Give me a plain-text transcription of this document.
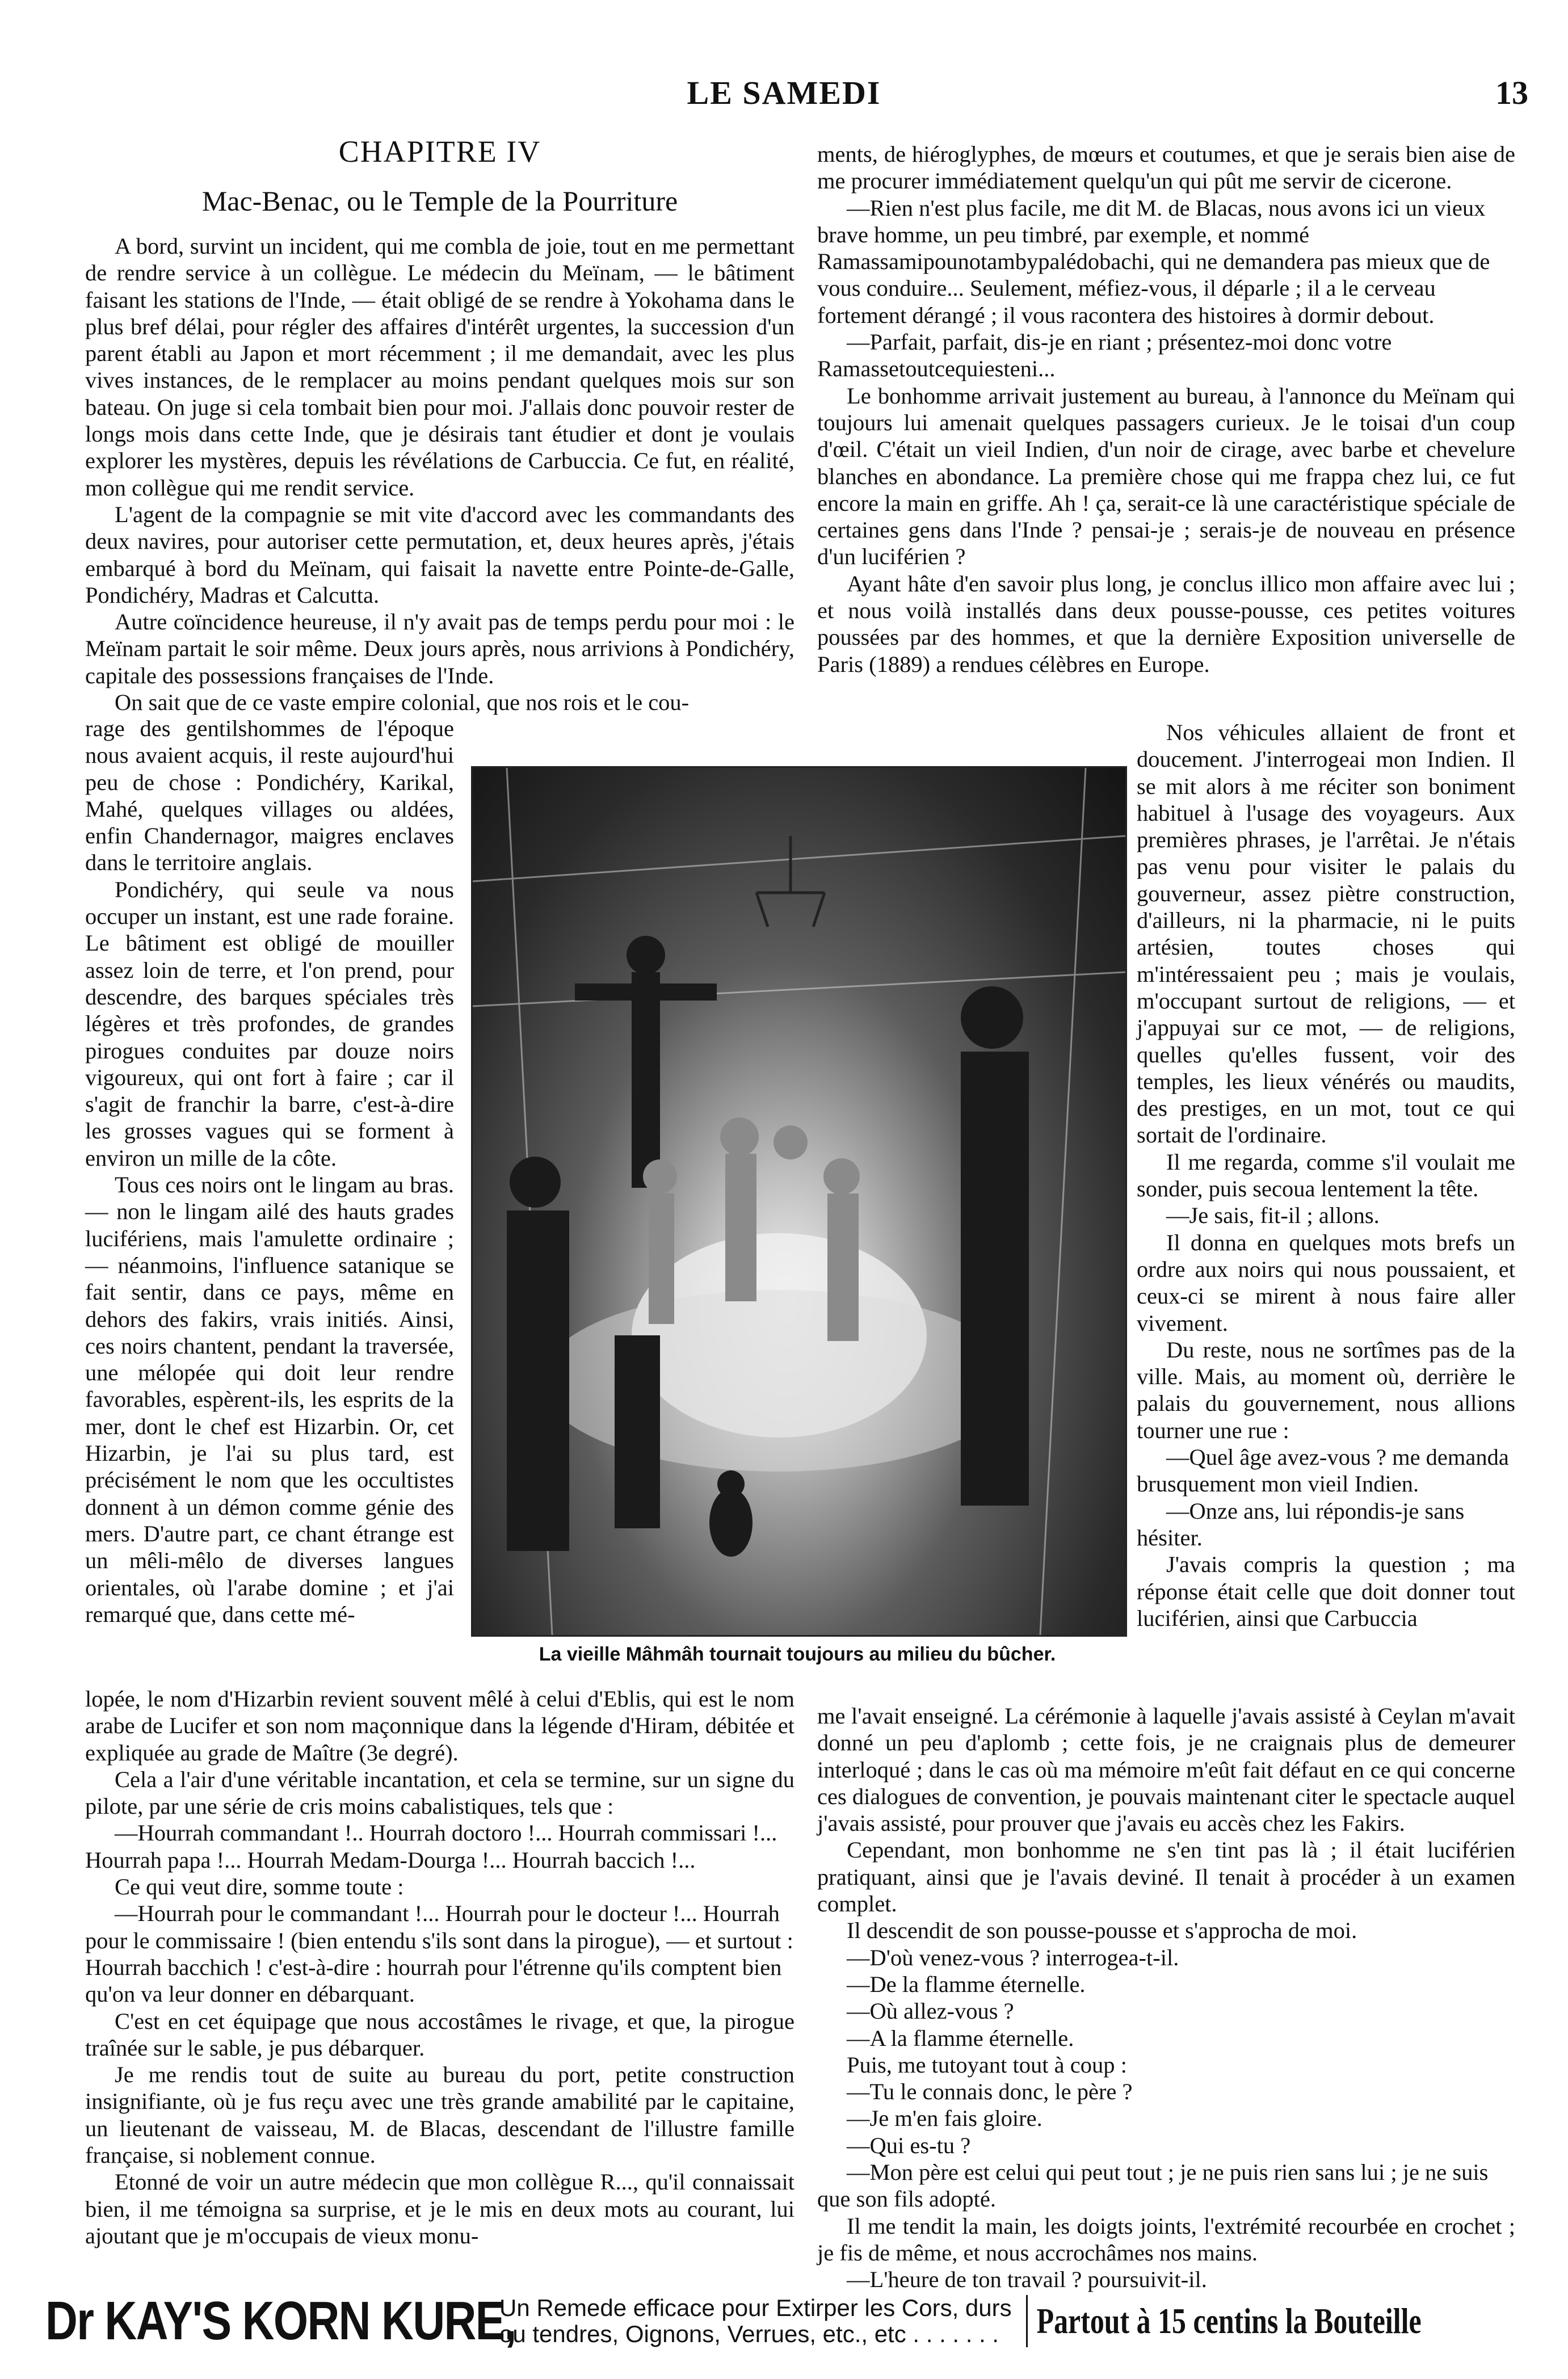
LE SAMEDI	13
CHAPITRE IV
Mac-Benac, ou le Temple de la Pourriture

A bord, survint un incident, qui me combla de joie, tout en me permettant de rendre service à un collègue. Le médecin du Meïnam, — le bâtiment faisant les stations de l'Inde, — était obligé de se rendre à Yokohama dans le plus bref délai, pour régler des affaires d'intérêt urgentes, la succession d'un parent établi au Japon et mort récemment ; il me demandait, avec les plus vives instances, de le remplacer au moins pendant quelques mois sur son bateau. On juge si cela tombait bien pour moi. J'allais donc pouvoir rester de longs mois dans cette Inde, que je désirais tant étudier et dont je voulais explorer les mystères, depuis les révélations de Carbuccia. Ce fut, en réalité, mon collègue qui me rendit service.

L'agent de la compagnie se mit vite d'accord avec les commandants des deux navires, pour autoriser cette permutation, et, deux heures après, j'étais embarqué à bord du Meïnam, qui faisait la navette entre Pointe-de-Galle, Pondichéry, Madras et Calcutta.

Autre coïncidence heureuse, il n'y avait pas de temps perdu pour moi : le Meïnam partait le soir même. Deux jours après, nous arrivions à Pondichéry, capitale des possessions françaises de l'Inde.

On sait que de ce vaste empire colonial, que nos rois et le cou-

rage des gentilshommes de l'époque nous avaient acquis, il reste aujourd'hui peu de chose : Pondichéry, Karikal, Mahé, quelques villages ou aldées, enfin Chandernagor, maigres enclaves dans le territoire anglais.

Pondichéry, qui seule va nous occuper un instant, est une rade foraine. Le bâtiment est obligé de mouiller assez loin de terre, et l'on prend, pour descendre, des barques spéciales très légères et très profondes, de grandes pirogues conduites par douze noirs vigoureux, qui ont fort à faire ; car il s'agit de franchir la barre, c'est-à-dire les grosses vagues qui se forment à environ un mille de la côte.

Tous ces noirs ont le lingam au bras. — non le lingam ailé des hauts grades lucifériens, mais l'amulette ordinaire ; — néanmoins, l'influence satanique se fait sentir, dans ce pays, même en dehors des fakirs, vrais initiés. Ainsi, ces noirs chantent, pendant la traversée, une mélopée qui doit leur rendre favorables, espèrent-ils, les esprits de la mer, dont le chef est Hizarbin. Or, cet Hizarbin, je l'ai su plus tard, est précisément le nom que les occultistes donnent à un démon comme génie des mers. D'autre part, ce chant étrange est un mêli-mêlo de diverses langues orientales, où l'arabe domine ; et j'ai remarqué que, dans cette mé-

La vieille Mâhmâh tournait toujours au milieu du bûcher.

lopée, le nom d'Hizarbin revient souvent mêlé à celui d'Eblis, qui est le nom arabe de Lucifer et son nom maçonnique dans la légende d'Hiram, débitée et expliquée au grade de Maître (3e degré).

Cela a l'air d'une véritable incantation, et cela se termine, sur un signe du pilote, par une série de cris moins cabalistiques, tels que :

—Hourrah commandant !.. Hourrah doctoro !... Hourrah commissari !... Hourrah papa !... Hourrah Medam-Dourga !... Hourrah baccich !...

Ce qui veut dire, somme toute :

—Hourrah pour le commandant !... Hourrah pour le docteur !... Hourrah pour le commissaire ! (bien entendu s'ils sont dans la pirogue), — et surtout : Hourrah bacchich ! c'est-à-dire : hourrah pour l'étrenne qu'ils comptent bien qu'on va leur donner en débarquant.

C'est en cet équipage que nous accostâmes le rivage, et que, la pirogue traînée sur le sable, je pus débarquer.

Je me rendis tout de suite au bureau du port, petite construction insignifiante, où je fus reçu avec une très grande amabilité par le capitaine, un lieutenant de vaisseau, M. de Blacas, descendant de l'illustre famille française, si noblement connue.

Etonné de voir un autre médecin que mon collègue R..., qu'il connaissait bien, il me témoigna sa surprise, et je le mis en deux mots au courant, lui ajoutant que je m'occupais de vieux monu-

ments, de hiéroglyphes, de mœurs et coutumes, et que je serais bien aise de me procurer immédiatement quelqu'un qui pût me servir de cicerone.

—Rien n'est plus facile, me dit M. de Blacas, nous avons ici un vieux brave homme, un peu timbré, par exemple, et nommé Ramassamipounotambypalédobachi, qui ne demandera pas mieux que de vous conduire... Seulement, méfiez-vous, il déparle ; il a le cerveau fortement dérangé ; il vous racontera des histoires à dormir debout.

—Parfait, parfait, dis-je en riant ; présentez-moi donc votre Ramassetoutcequiesteni...

Le bonhomme arrivait justement au bureau, à l'annonce du Meïnam qui toujours lui amenait quelques passagers curieux. Je le toisai d'un coup d'œil. C'était un vieil Indien, d'un noir de cirage, avec barbe et chevelure blanches en abondance. La première chose qui me frappa chez lui, ce fut encore la main en griffe. Ah ! ça, serait-ce là une caractéristique spéciale de certaines gens dans l'Inde ? pensai-je ; serais-je de nouveau en présence d'un luciférien ?

Ayant hâte d'en savoir plus long, je conclus illico mon affaire avec lui ; et nous voilà installés dans deux pousse-pousse, ces petites voitures poussées par des hommes, et que la dernière Exposition universelle de Paris (1889) a rendues célèbres en Europe.

Nos véhicules allaient de front et doucement. J'interrogeai mon Indien. Il se mit alors à me réciter son boniment habituel à l'usage des voyageurs. Aux premières phrases, je l'arrêtai. Je n'étais pas venu pour visiter le palais du gouverneur, assez piètre construction, d'ailleurs, ni la pharmacie, ni le puits artésien, toutes choses qui m'intéressaient peu ; mais je voulais, m'occupant surtout de religions, — et j'appuyai sur ce mot, — de religions, quelles qu'elles fussent, voir des temples, les lieux vénérés ou maudits, des prestiges, en un mot, tout ce qui sortait de l'ordinaire.

Il me regarda, comme s'il voulait me sonder, puis secoua lentement la tête.

—Je sais, fit-il ; allons.

Il donna en quelques mots brefs un ordre aux noirs qui nous poussaient, et ceux-ci se mirent à nous faire aller vivement.

Du reste, nous ne sortîmes pas de la ville. Mais, au moment où, derrière le palais du gouvernement, nous allions tourner une rue :

—Quel âge avez-vous ? me demanda brusquement mon vieil Indien.

—Onze ans, lui répondis-je sans hésiter.

J'avais compris la question ; ma réponse était celle que doit donner tout luciférien, ainsi que Carbuccia

me l'avait enseigné. La cérémonie à laquelle j'avais assisté à Ceylan m'avait donné un peu d'aplomb ; cette fois, je ne craignais plus de demeurer interloqué ; dans le cas où ma mémoire m'eût fait défaut en ce qui concerne ces dialogues de convention, je pouvais maintenant citer le spectacle auquel j'avais assisté, pour prouver que j'avais eu accès chez les Fakirs.

Cependant, mon bonhomme ne s'en tint pas là ; il était luciférien pratiquant, ainsi que je l'avais deviné. Il tenait à procéder à un examen complet.

Il descendit de son pousse-pousse et s'approcha de moi.

—D'où venez-vous ? interrogea-t-il.

—De la flamme éternelle.

—Où allez-vous ?

—A la flamme éternelle.

Puis, me tutoyant tout à coup :

—Tu le connais donc, le père ?

—Je m'en fais gloire.

—Qui es-tu ?

—Mon père est celui qui peut tout ; je ne puis rien sans lui ; je ne suis que son fils adopté.

Il me tendit la main, les doigts joints, l'extrémité recourbée en crochet ; je fis de même, et nous accrochâmes nos mains.

—L'heure de ton travail ? poursuivit-il.

Dr KAY'S KORN KURE,
Un Remede efficace pour Extirper les Cors, durs ou tendres, Oignons, Verrues, etc., etc . . . . . . .	Partout à 15 centins la Bouteille
